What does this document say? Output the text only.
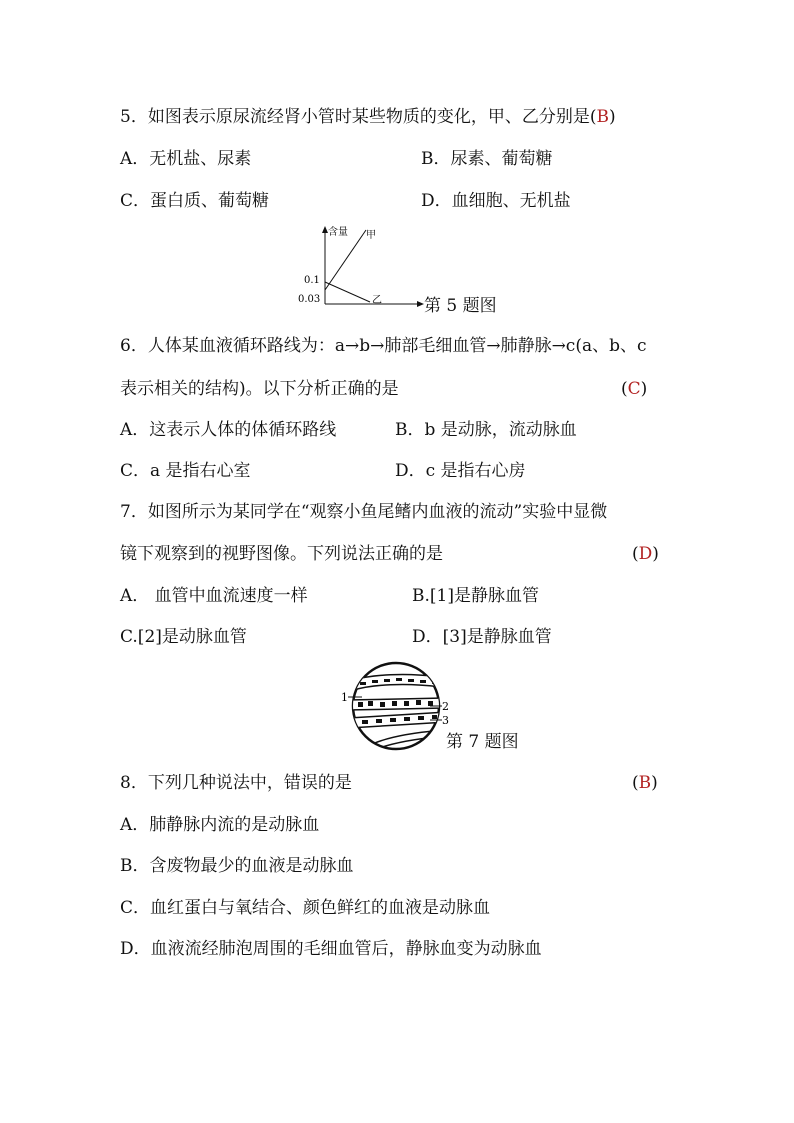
5．如图表示原尿流经肾小管时某些物质的变化，甲、乙分别是(B)
A．无机盐、尿素	B．尿素、葡萄糖
C．蛋白质、葡萄糖	D．血细胞、无机盐
含量 甲
乙
0.1
0.03	第 5 题图
6．人体某血液循环路线为：a→b→肺部毛细血管→肺静脉→c(a、b、c
表示相关的结构)。以下分析正确的是	(C)
A．这表示人体的体循环路线	B．b 是动脉，流动脉血
C．a 是指右心室	D．c 是指右心房
7．如图所示为某同学在“观察小鱼尾鳍内血液的流动”实验中显微
镜下观察到的视野图像。下列说法正确的是	(D)
A． 血管中血流速度一样	B.[1]是静脉血管
C.[2]是动脉血管	D．[3]是静脉血管
1
2
3
第 7 题图
8．下列几种说法中，错误的是	(B)
A．肺静脉内流的是动脉血
B．含废物最少的血液是动脉血
C．血红蛋白与氧结合、颜色鲜红的血液是动脉血
D．血液流经肺泡周围的毛细血管后，静脉血变为动脉血
